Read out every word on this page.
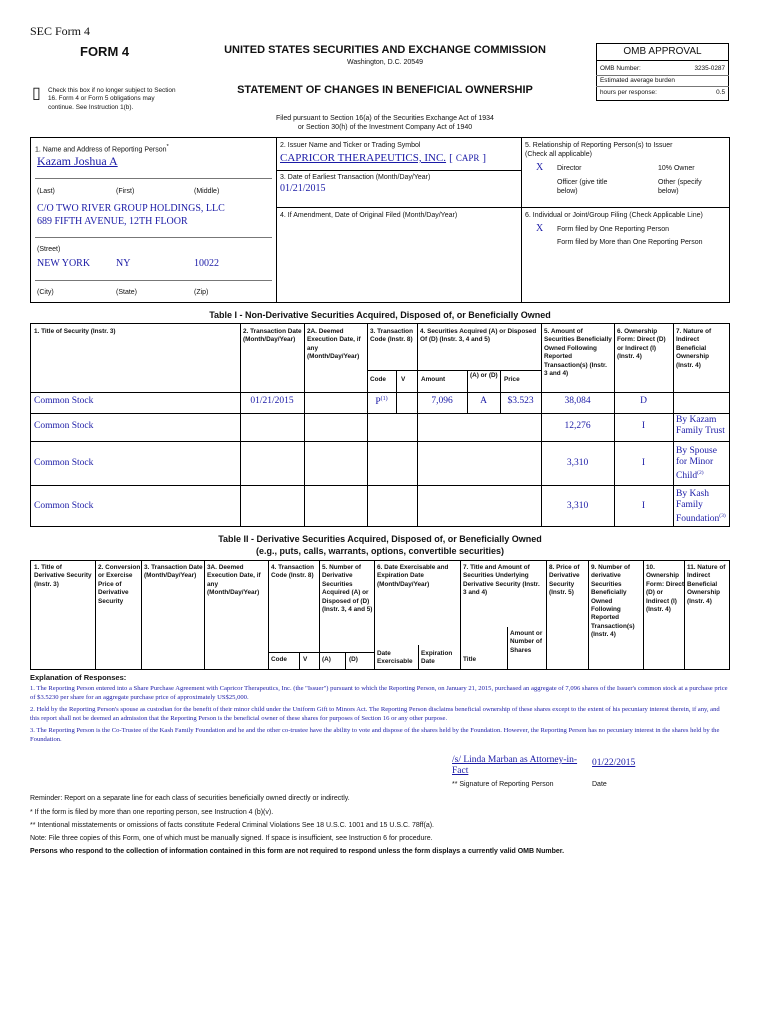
SEC Form 4
FORM 4	UNITED STATES SECURITIES AND EXCHANGE COMMISSION
Washington, D.C. 20549
STATEMENT OF CHANGES IN BENEFICIAL OWNERSHIP
Filed pursuant to Section 16(a) of the Securities Exchange Act of 1934
or Section 30(h) of the Investment Company Act of 1940
▯ Check this box if no longer subject to Section 16. Form 4 or Form 5 obligations may continue. See Instruction 1(b).
OMB APPROVAL
OMB Number:	3235-0287
Estimated average burden
hours per response:	0.5
1. Name and Address of Reporting Person*
Kazam Joshua A
(Last)	(First)	(Middle)
C/O TWO RIVER GROUP HOLDINGS, LLC
689 FIFTH AVENUE, 12TH FLOOR
(Street)
NEW YORK	NY	10022
(City)	(State)	(Zip)
2. Issuer Name and Ticker or Trading Symbol
CAPRICOR THERAPEUTICS, INC. [ CAPR ]
3. Date of Earliest Transaction (Month/Day/Year)
01/21/2015
4. If Amendment, Date of Original Filed (Month/Day/Year)
5. Relationship of Reporting Person(s) to Issuer
(Check all applicable)
X Director	10% Owner
Officer (give title below)
Other (specify below)
6. Individual or Joint/Group Filing (Check Applicable Line)
X Form filed by One Reporting Person
Form filed by More than One Reporting Person
Table I - Non-Derivative Securities Acquired, Disposed of, or Beneficially Owned
1. Title of Security (Instr. 3)	2. Transaction Date (Month/Day/Year)
2A. Deemed Execution Date, if any (Month/Day/Year)
3. Transaction Code (Instr. 8)
4. Securities Acquired (A) or Disposed Of (D) (Instr. 3, 4 and 5)
5. Amount of Securities Beneficially Owned Following Reported Transaction(s) (Instr. 3 and 4)
6. Ownership Form: Direct (D) or Indirect (I) (Instr. 4)
7. Nature of Indirect Beneficial Ownership (Instr. 4)
Code V Amount
(A) or (D)
Price
Common Stock	01/21/2015	$P^{(1)}$	7,096	A	$3.523	38,084	D
Common Stock	12,276	I
By Kazam Family Trust
Common Stock	3,310	I
By Spouse for Minor Child$^{(2)}$
Common Stock	3,310	I
By Kash Family Foundation$^{(3)}$
Table II - Derivative Securities Acquired, Disposed of, or Beneficially Owned
(e.g., puts, calls, warrants, options, convertible securities)
1. Title of Derivative Security (Instr. 3)
2. Conversion or Exercise Price of Derivative Security
3. Transaction Date (Month/Day/Year)
3A. Deemed Execution Date, if any (Month/Day/Year)
4. Transaction Code (Instr. 8)
5. Number of Derivative Securities Acquired (A) or Disposed of (D) (Instr. 3, 4 and 5)
6. Date Exercisable and Expiration Date (Month/Day/Year)
7. Title and Amount of Securities Underlying Derivative Security (Instr. 3 and 4)
8. Price of Derivative Security (Instr. 5)
9. Number of derivative Securities Beneficially Owned Following Reported Transaction(s) (Instr. 4)
10. Ownership Form: Direct (D) or Indirect (I) (Instr. 4)
11. Nature of Indirect Beneficial Ownership (Instr. 4)
Code	V (A)	(D)
Date Exercisable
Expiration Date	Title
Amount or Number of Shares
Explanation of Responses:
1. The Reporting Person entered into a Share Purchase Agreement with Capricor Therapeutics, Inc. (the "Issuer") pursuant to which the Reporting Person, on January 21, 2015, purchased an aggregate of 7,096 shares of the Issuer's common stock at a purchase price of $3.5230 per share for an aggregate purchase price of approximately US$25,000.
2. Held by the Reporting Person's spouse as custodian for the benefit of their minor child under the Uniform Gift to Minors Act. The Reporting Person disclaims beneficial ownership of these shares except to the extent of his pecuniary interest therein, if any, and this report shall not be deemed an admission that the Reporting Person is the beneficial owner of these shares for purposes of Section 16 or any other purpose.
3. The Reporting Person is the Co-Trustee of the Kash Family Foundation and he and the other co-trustee have the ability to vote and dispose of the shares held by the Foundation. However, the Reporting Person has no pecuniary interest in the shares held by the Foundation.
/s/ Linda Marban as Attorney-in-Fact
01/22/2015
** Signature of Reporting Person	Date
Reminder: Report on a separate line for each class of securities beneficially owned directly or indirectly.
* If the form is filed by more than one reporting person, see Instruction 4 (b)(v).
** Intentional misstatements or omissions of facts constitute Federal Criminal Violations See 18 U.S.C. 1001 and 15 U.S.C. 78ff(a).
Note: File three copies of this Form, one of which must be manually signed. If space is insufficient, see Instruction 6 for procedure.
Persons who respond to the collection of information contained in this form are not required to respond unless the form displays a currently valid OMB Number.
